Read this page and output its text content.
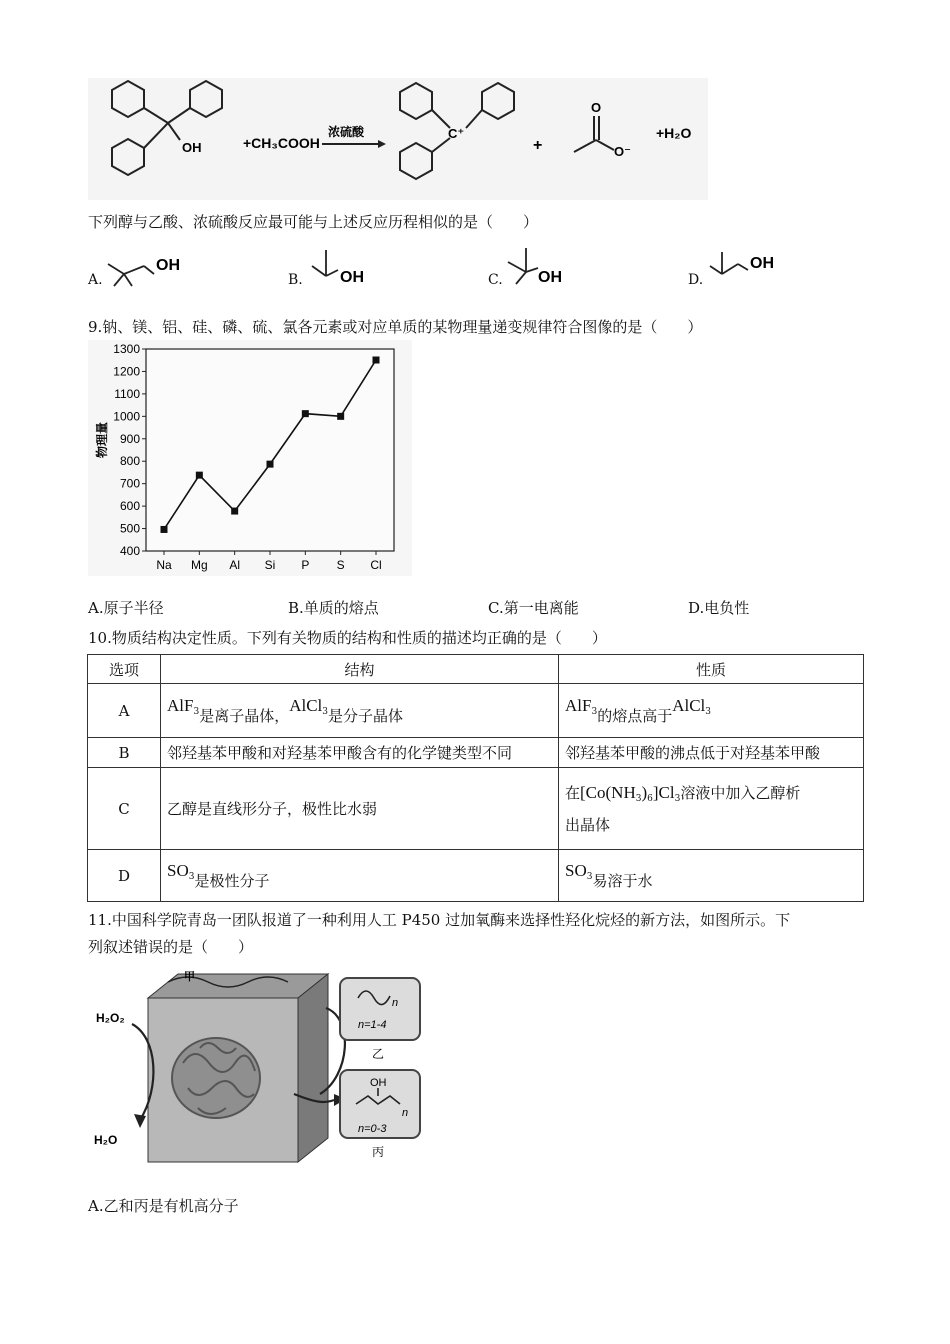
OH	+CH₃COOH
浓硫酸	C⁺
+
O
O⁻
+H₂O
下列醇与乙酸、浓硫酸反应最可能与上述反应历程相似的是（　　）
A.
OH
B. OH	C. OH	D.
OH
9.钠、镁、铝、硅、磷、硫、氯各元素或对应单质的某物理量递变规律符合图像的是（　　）
物理量
400
500
600
700
800
900
1000
1100
1200
1300
Na Mg Al Si P S Cl
A.原子半径	B.单质的熔点	C.第一电离能	D.电负性
10.物质结构决定性质。下列有关物质的结构和性质的描述均正确的是（　　）
选项	结构	性质
A	AlF$_3$是离子晶体，AlCl$_3$是分子晶体	AlF$_3$的熔点高于AlCl$_3$
B	邻羟基苯甲酸和对羟基苯甲酸含有的化学键类型不同	邻羟基苯甲酸的沸点低于对羟基苯甲酸
C	乙醇是直线形分子，极性比水弱	在$[Co(NH_3)_6]Cl_3$溶液中加入乙醇析
出晶体

D	$SO_3$是极性分子	$SO_3$易溶于水
11.中国科学院青岛一团队报道了一种利用人工 P450 过加氧酶来选择性羟化烷烃的新方法，如图所示。下
列叙述错误的是（　　）
甲
H₂O₂
H₂O
n
n=1-4
乙
OH
n
n=0-3
丙
A.乙和丙是有机高分子
